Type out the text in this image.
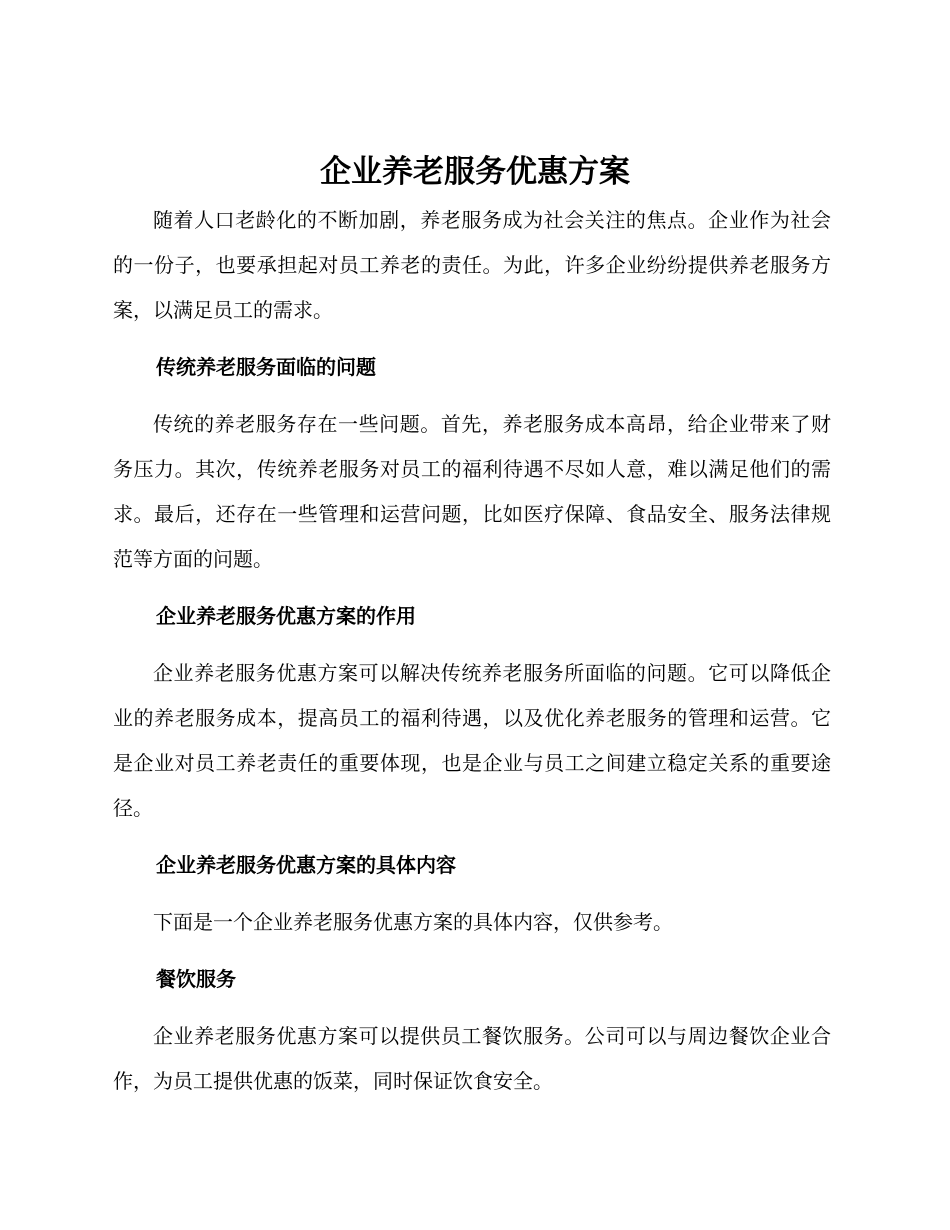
企业养老服务优惠方案

随着人口老龄化的不断加剧，养老服务成为社会关注的焦点。企业作为社会的一份子，也要承担起对员工养老的责任。为此，许多企业纷纷提供养老服务方案，以满足员工的需求。

传统养老服务面临的问题

传统的养老服务存在一些问题。首先，养老服务成本高昂，给企业带来了财务压力。其次，传统养老服务对员工的福利待遇不尽如人意，难以满足他们的需求。最后，还存在一些管理和运营问题，比如医疗保障、食品安全、服务法律规范等方面的问题。

企业养老服务优惠方案的作用

企业养老服务优惠方案可以解决传统养老服务所面临的问题。它可以降低企业的养老服务成本，提高员工的福利待遇，以及优化养老服务的管理和运营。它是企业对员工养老责任的重要体现，也是企业与员工之间建立稳定关系的重要途径。

企业养老服务优惠方案的具体内容

下面是一个企业养老服务优惠方案的具体内容，仅供参考。

餐饮服务

企业养老服务优惠方案可以提供员工餐饮服务。公司可以与周边餐饮企业合作，为员工提供优惠的饭菜，同时保证饮食安全。
